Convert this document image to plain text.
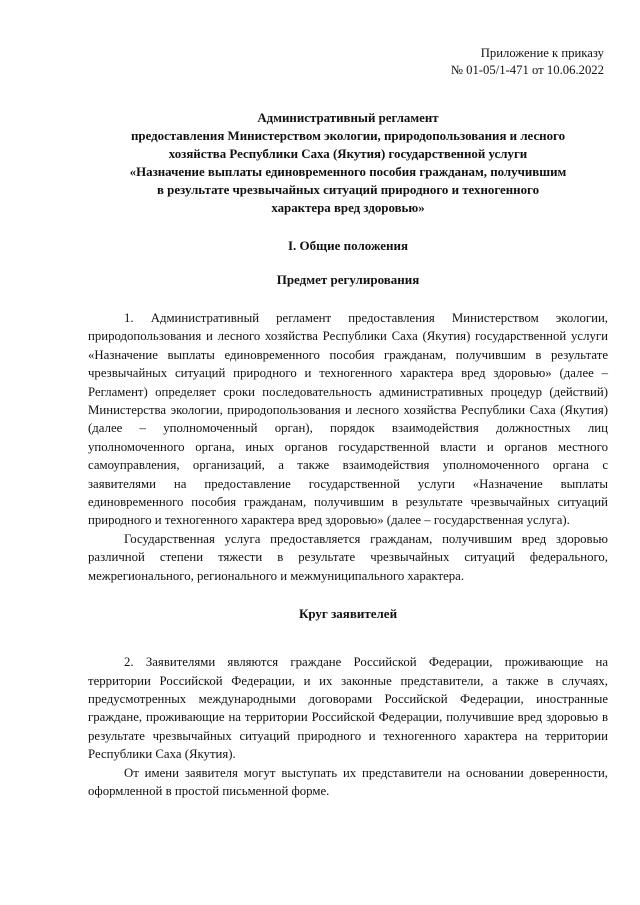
Приложение к приказу
№ 01-05/1-471 от 10.06.2022
Административный регламент
предоставления Министерством экологии, природопользования и лесного
хозяйства Республики Саха (Якутия) государственной услуги
«Назначение выплаты единовременного пособия гражданам, получившим
в результате чрезвычайных ситуаций природного и техногенного
характера вред здоровью»
I. Общие положения
Предмет регулирования

1. Административный регламент предоставления Министерством экологии, природопользования и лесного хозяйства Республики Саха (Якутия) государственной услуги «Назначение выплаты единовременного пособия гражданам, получившим в результате чрезвычайных ситуаций природного и техногенного характера вред здоровью» (далее – Регламент) определяет сроки последовательность административных процедур (действий) Министерства экологии, природопользования и лесного хозяйства Республики Саха (Якутия) (далее – уполномоченный орган), порядок взаимодействия должностных лиц уполномоченного органа, иных органов государственной власти и органов местного самоуправления, организаций, а также взаимодействия уполномоченного органа с заявителями на предоставление государственной услуги «Назначение выплаты единовременного пособия гражданам, получившим в результате чрезвычайных ситуаций природного и техногенного характера вред здоровью» (далее – государственная услуга).

Государственная услуга предоставляется гражданам, получившим вред здоровью различной степени тяжести в результате чрезвычайных ситуаций федерального, межрегионального, регионального и межмуниципального характера.

Круг заявителей

2. Заявителями являются граждане Российской Федерации, проживающие на территории Российской Федерации, и их законные представители, а также в случаях, предусмотренных международными договорами Российской Федерации, иностранные граждане, проживающие на территории Российской Федерации, получившие вред здоровью в результате чрезвычайных ситуаций природного и техногенного характера на территории Республики Саха (Якутия).

От имени заявителя могут выступать их представители на основании доверенности, оформленной в простой письменной форме.
